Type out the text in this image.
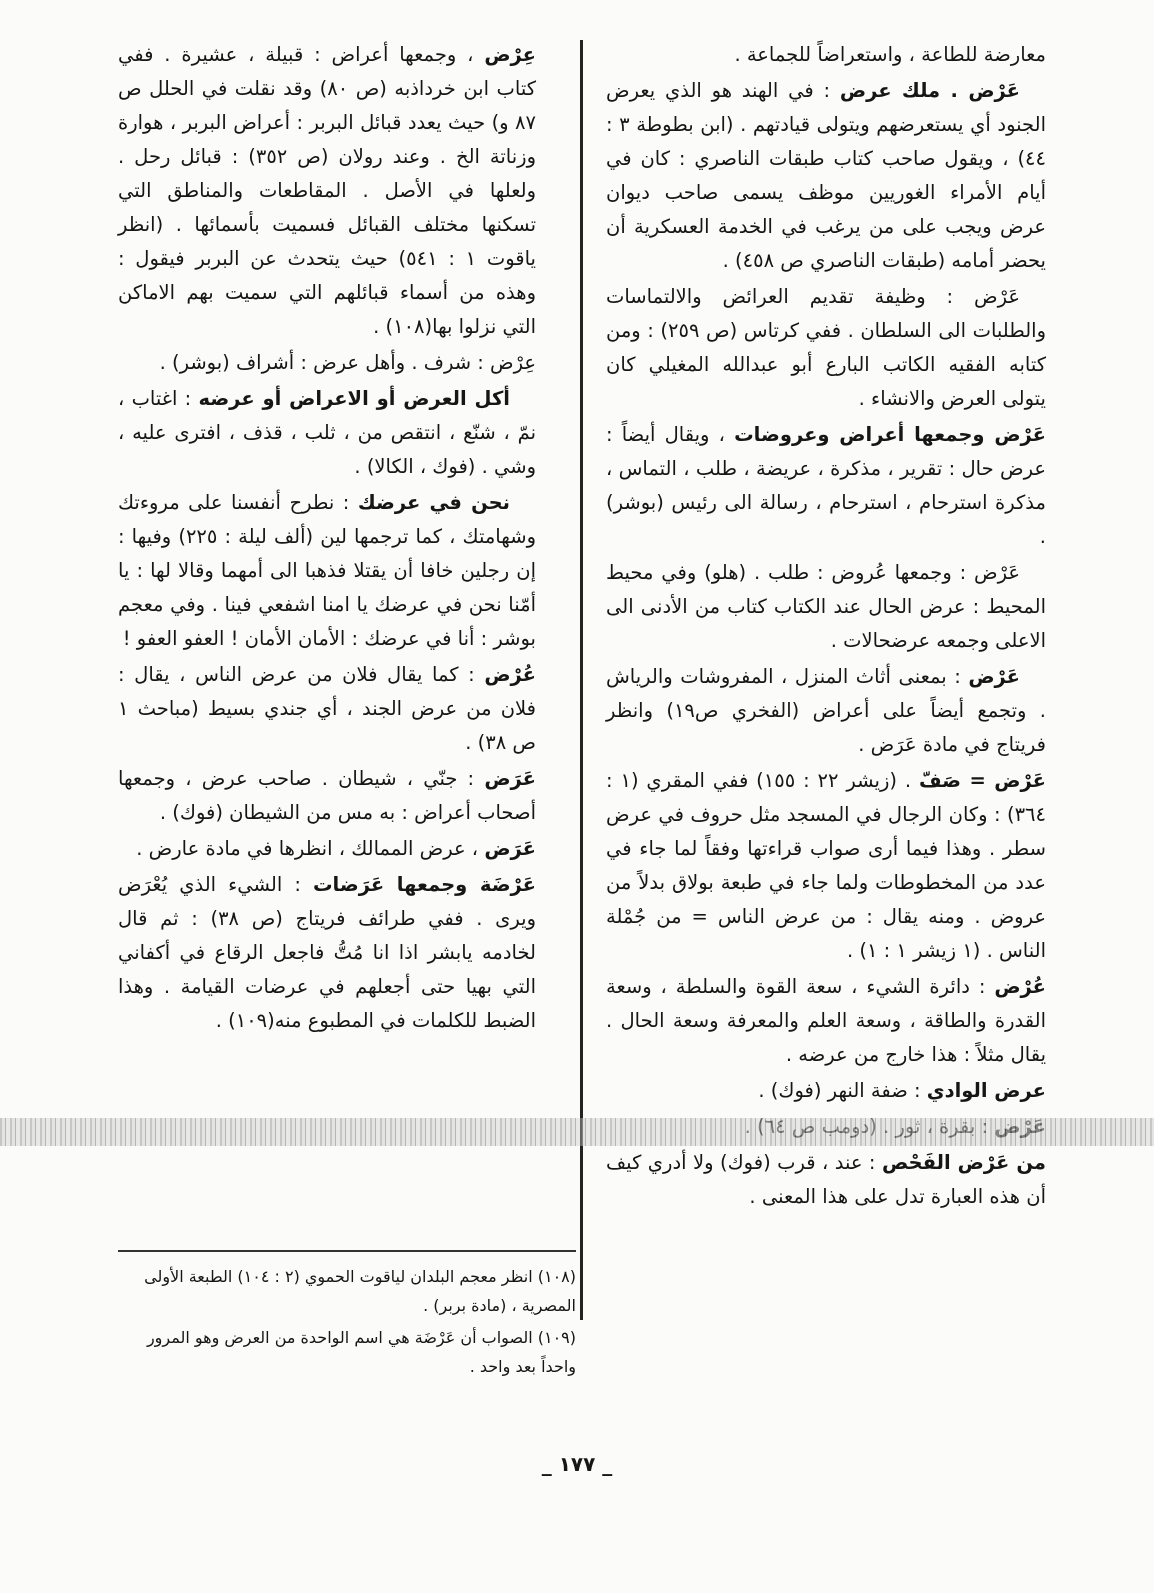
معارضة للطاعة ، واستعراضاً للجماعة .

عَرْض . ملك عرض : في الهند هو الذي يعرض الجنود أي يستعرضهم ويتولى قيادتهم . (ابن بطوطة ٣ : ٤٤) ، ويقول صاحب كتاب طبقات الناصري : كان في أيام الأمراء الغوريين موظف يسمى صاحب ديوان عرض ويجب على من يرغب في الخدمة العسكرية أن يحضر أمامه (طبقات الناصري ص ٤٥٨) .

عَرْض : وظيفة تقديم العرائض والالتماسات والطلبات الى السلطان . ففي كرتاس (ص ٢٥٩) : ومن كتابه الفقيه الكاتب البارع أبو عبدالله المغيلي كان يتولى العرض والانشاء .

عَرْض وجمعها أعراض وعروضات ، ويقال أيضاً : عرض حال : تقرير ، مذكرة ، عريضة ، طلب ، التماس ، مذكرة استرحام ، استرحام ، رسالة الى رئيس (بوشر) .

عَرْض : وجمعها عُروض : طلب . (هلو) وفي محيط المحيط : عرض الحال عند الكتاب كتاب من الأدنى الى الاعلى وجمعه عرضحالات .

عَرْض : بمعنى أثاث المنزل ، المفروشات والرياش . وتجمع أيضاً على أعراض (الفخري ص١٩) وانظر فريتاج في مادة عَرَض .

عَرْض = صَفّ . (زيشر ٢٢ : ١٥٥) ففي المقري (١ : ٣٦٤) : وكان الرجال في المسجد مثل حروف في عرض سطر . وهذا فيما أرى صواب قراءتها وفقاً لما جاء في عدد من المخطوطات ولما جاء في طبعة بولاق بدلاً من عروض . ومنه يقال : من عرض الناس = من جُمْلة الناس . (١ زيشر ١ : ١) .

عُرْض : دائرة الشيء ، سعة القوة والسلطة ، وسعة القدرة والطاقة ، وسعة العلم والمعرفة وسعة الحال . يقال مثلاً : هذا خارج من عرضه .

عرض الوادي : ضفة النهر (فوك) .

من عَرْض الفَحْص : عند ، قرب (فوك) ولا أدري كيف أن هذه العبارة تدل على هذا المعنى .

عِرْض ، وجمعها أعراض : قبيلة ، عشيرة . ففي كتاب ابن خرداذبه (ص ٨٠) وقد نقلت في الحلل ص ٨٧ و) حيث يعدد قبائل البربر : أعراض البربر ، هوارة وزناتة الخ . وعند رولان (ص ٣٥٢) : قبائل رحل . ولعلها في الأصل . المقاطعات والمناطق التي تسكنها مختلف القبائل فسميت بأسمائها . (انظر ياقوت ١ : ٥٤١) حيث يتحدث عن البربر فيقول : وهذه من أسماء قبائلهم التي سميت بهم الاماكن التي نزلوا بها(١٠٨) .

عِرْض : شرف . وأهل عرض : أشراف (بوشر) .

أكل العرض أو الاعراض أو عرضه : اغتاب ، نمّ ، شنّع ، انتقص من ، ثلب ، قذف ، افترى عليه ، وشي . (فوك ، الكالا) .

نحن في عرضك : نطرح أنفسنا على مروءتك وشهامتك ، كما ترجمها لين (ألف ليلة : ٢٢٥) وفيها : إن رجلين خافا أن يقتلا فذهبا الى أمهما وقالا لها : يا أمّنا نحن في عرضك يا امنا اشفعي فينا . وفي معجم بوشر : أنا في عرضك : الأمان الأمان ! العفو العفو !

عُرْض : كما يقال فلان من عرض الناس ، يقال : فلان من عرض الجند ، أي جندي بسيط (مباحث ١ ص ٣٨) .

عَرَض : جنّي ، شيطان . صاحب عرض ، وجمعها أصحاب أعراض : به مس من الشيطان (فوك) .

عَرَض ، عرض الممالك ، انظرها في مادة عارض .

عَرْضَة وجمعها عَرَضات : الشيء الذي يُعْرَض ويرى . ففي طرائف فريتاج (ص ٣٨) : ثم قال لخادمه يابشر اذا انا مُتُّ فاجعل الرقاع في أكفاني التي بهيا حتى أجعلهم في عرضات القيامة . وهذا الضبط للكلمات في المطبوع منه(١٠٩) .

(١٠٨) انظر معجم البلدان لياقوت الحموي (٢ : ١٠٤) الطبعة الأولى المصرية ، (مادة بربر) .
(١٠٩) الصواب أن عَرْضَة هي اسم الواحدة من العرض وهو المرور واحداً بعد واحد .
_ ١٧٧ _
